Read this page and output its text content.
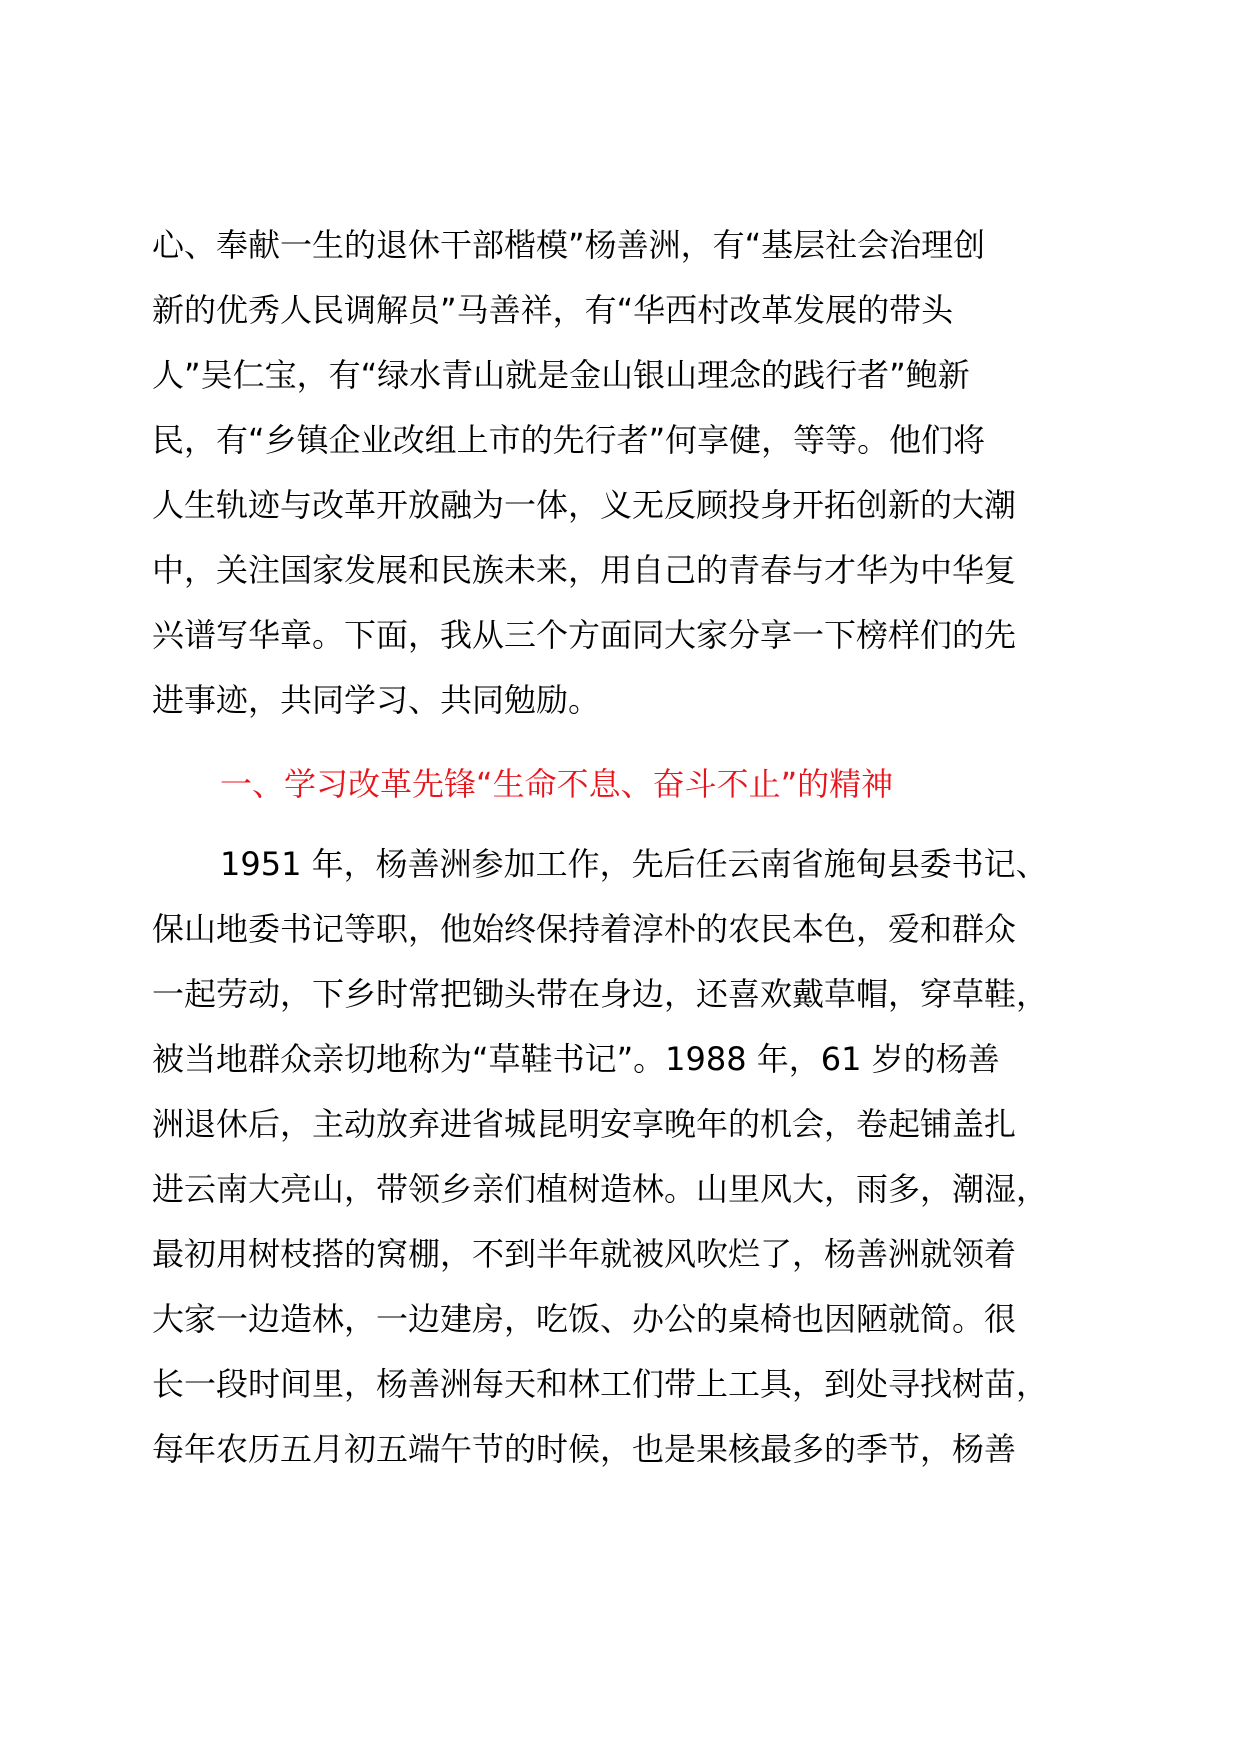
心、奉献一生的退休干部楷模”杨善洲，有“基层社会治理创
新的优秀人民调解员”马善祥，有“华西村改革发展的带头
人”吴仁宝，有“绿水青山就是金山银山理念的践行者”鲍新
民，有“乡镇企业改组上市的先行者”何享健，等等。他们将
人生轨迹与改革开放融为一体，义无反顾投身开拓创新的大潮
中，关注国家发展和民族未来，用自己的青春与才华为中华复
兴谱写华章。下面，我从三个方面同大家分享一下榜样们的先
进事迹，共同学习、共同勉励。
一、学习改革先锋“生命不息、奋斗不止”的精神
1951 年，杨善洲参加工作，先后任云南省施甸县委书记、
保山地委书记等职，他始终保持着淳朴的农民本色，爱和群众
一起劳动，下乡时常把锄头带在身边，还喜欢戴草帽，穿草鞋，
被当地群众亲切地称为“草鞋书记”。1988 年，61 岁的杨善
洲退休后，主动放弃进省城昆明安享晚年的机会，卷起铺盖扎
进云南大亮山，带领乡亲们植树造林。山里风大，雨多，潮湿，
最初用树枝搭的窝棚，不到半年就被风吹烂了，杨善洲就领着
大家一边造林，一边建房，吃饭、办公的桌椅也因陋就简。很
长一段时间里，杨善洲每天和林工们带上工具，到处寻找树苗，
每年农历五月初五端午节的时候，也是果核最多的季节，杨善
